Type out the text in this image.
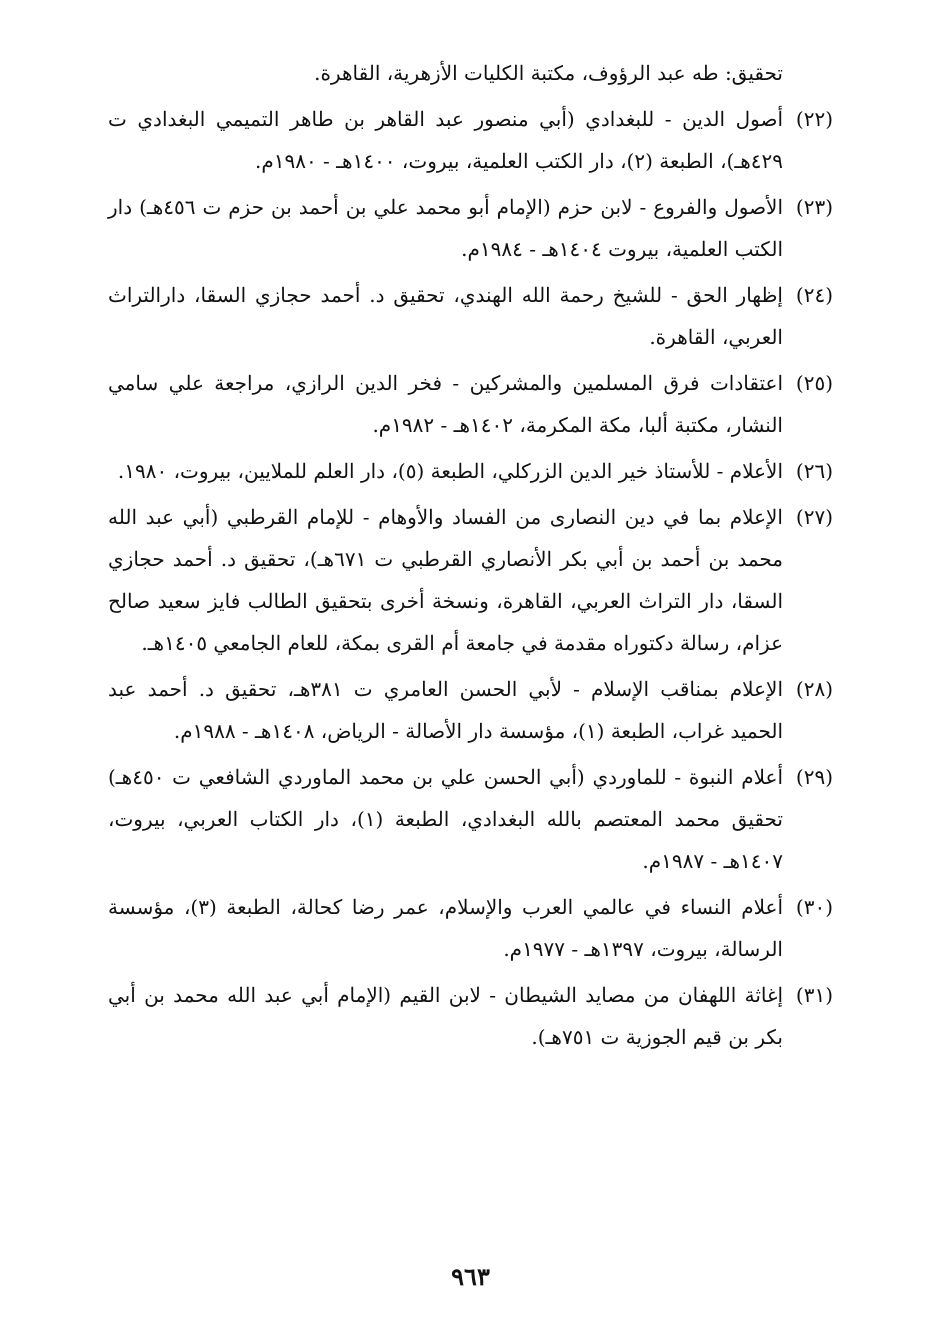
تحقيق: طه عبد الرؤوف، مكتبة الكليات الأزهرية، القاهرة.
(٢٢)
أصول الدين - للبغدادي (أبي منصور عبد القاهر بن طاهر التميمي البغدادي ت ٤٢٩هـ)، الطبعة (٢)، دار الكتب العلمية، بيروت، ١٤٠٠هـ - ١٩٨٠م.
(٢٣)
الأصول والفروع - لابن حزم (الإمام أبو محمد علي بن أحمد بن حزم ت ٤٥٦هـ) دار الكتب العلمية، بيروت ١٤٠٤هـ - ١٩٨٤م.
(٢٤)
إظهار الحق - للشيخ رحمة الله الهندي، تحقيق د. أحمد حجازي السقا، دارالتراث العربي، القاهرة.
(٢٥)
اعتقادات فرق المسلمين والمشركين - فخر الدين الرازي، مراجعة علي سامي النشار، مكتبة ألبا، مكة المكرمة، ١٤٠٢هـ - ١٩٨٢م.
(٢٦)
الأعلام - للأستاذ خير الدين الزركلي، الطبعة (٥)، دار العلم للملايين، بيروت، ١٩٨٠.
(٢٧)
الإعلام بما في دين النصارى من الفساد والأوهام - للإمام القرطبي (أبي عبد الله محمد بن أحمد بن أبي بكر الأنصاري القرطبي ت ٦٧١هـ)، تحقيق د. أحمد حجازي السقا، دار التراث العربي، القاهرة، ونسخة أخرى بتحقيق الطالب فايز سعيد صالح عزام، رسالة دكتوراه مقدمة في جامعة أم القرى بمكة، للعام الجامعي ١٤٠٥هـ.
(٢٨)
الإعلام بمناقب الإسلام - لأبي الحسن العامري ت ٣٨١هـ، تحقيق د. أحمد عبد الحميد غراب، الطبعة (١)، مؤسسة دار الأصالة - الرياض، ١٤٠٨هـ - ١٩٨٨م.
(٢٩)
أعلام النبوة - للماوردي (أبي الحسن علي بن محمد الماوردي الشافعي ت ٤٥٠هـ) تحقيق محمد المعتصم بالله البغدادي، الطبعة (١)، دار الكتاب العربي، بيروت، ١٤٠٧هـ - ١٩٨٧م.
(٣٠)
أعلام النساء في عالمي العرب والإسلام، عمر رضا كحالة، الطبعة (٣)، مؤسسة الرسالة، بيروت، ١٣٩٧هـ - ١٩٧٧م.
(٣١)
إغاثة اللهفان من مصايد الشيطان - لابن القيم (الإمام أبي عبد الله محمد بن أبي بكر بن قيم الجوزية ت ٧٥١هـ).
٩٦٣
